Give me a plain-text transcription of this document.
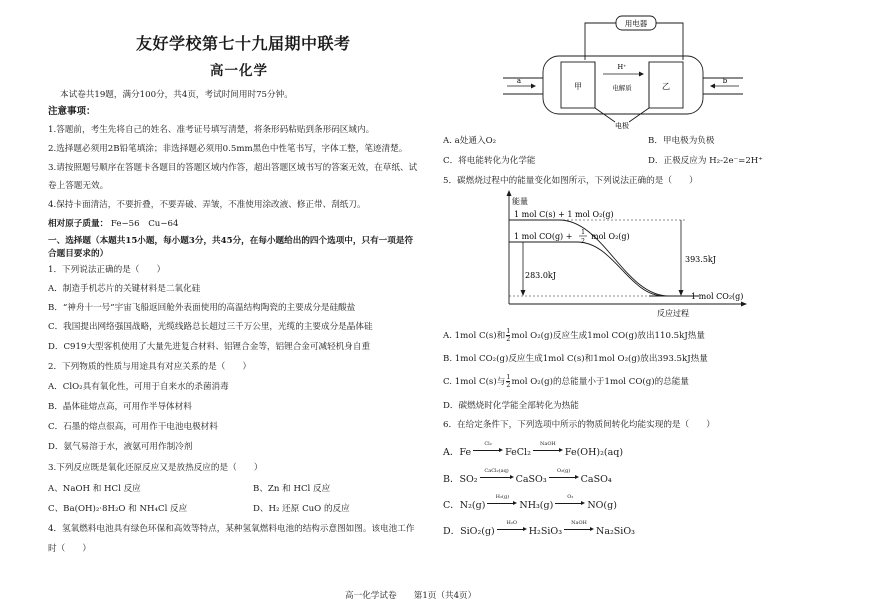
友好学校第七十九届期中联考
高一化学
本试卷共19题，满分100分，共4页，考试时间用时75分钟。
注意事项：
1.答题前，考生先将自己的姓名、准考证号填写清楚，将条形码粘贴到条形码区域内。
2.选择题必须用2B铅笔填涂；非选择题必须用0.5mm黑色中性笔书写，字体工整，笔迹清楚。
3.请按照题号顺序在答题卡各题目的答题区域内作答，超出答题区域书写的答案无效，在草纸、试
卷上答题无效。
4.保持卡面清洁，不要折叠，不要弄破、弄皱，不准使用涂改液、修正带、刮纸刀。
相对原子质量： Fe−56　Cu−64
一、选择题（本题共15小题，每小题3分，共45分，在每小题给出的四个选项中，只有一项是符
合题目要求的）
1．下列说法正确的是（　　）
A．制造手机芯片的关键材料是二氧化硅
B．“神舟十一号”宇宙飞船返回舱外表面使用的高温结构陶瓷的主要成分是硅酸盐
C．我国提出网络强国战略，光缆线路总长超过三千万公里，光缆的主要成分是晶体硅
D．C919大型客机使用了大量先进复合材料、铝锂合金等，铝锂合金可减轻机身自重
2．下列物质的性质与用途具有对应关系的是（　　）
A．ClO₂具有氧化性，可用于自来水的杀菌消毒
B．晶体硅熔点高，可用作半导体材料
C．石墨的熔点很高，可用作干电池电极材料
D．氨气易溶于水，液氨可用作制冷剂
3.下列反应既是氧化还原反应又是放热反应的是（　　）
A、NaOH 和 HCl 反应	B、Zn 和 HCl 反应
C、Ba(OH)₂·8H₂O 和 NH₄Cl 反应	D、H₂ 还原 CuO 的反应
4．氢氧燃料电池具有绿色环保和高效等特点，某种氢氧燃料电池的结构示意图如图。该电池工作
时（　　）
用电器
H⁺
甲	乙
电解质
a	b
电极
A. a处通入O₂	B．甲电极为负极
C．将电能转化为化学能	D．正极反应为 H₂-2e⁻=2H⁺
5．碳燃烧过程中的能量变化如图所示，下列说法正确的是（　　）
能量
1 mol C(s) + 1 mol O₂(g)
1 mol CO(g) + 1
2
mol O₂(g)
393.5kJ
283.0kJ
1 mol CO₂(g)
反应过程
A. 1mol C(s)和 $\frac{1}{2}$ mol O₂(g)反应生成1mol CO(g)放出110.5kJ热量
B. 1mol CO₂(g)反应生成1mol C(s)和1mol O₂(g)放出393.5kJ热量
C. 1mol C(s)与 $\frac{1}{2}$ mol O₂(g)的总能量小于1mol CO(g)的总能量
D．碳燃烧时化学能全部转化为热能
6．在给定条件下，下列选项中所示的物质间转化均能实现的是（　　）
A．Fe
Cl₂
FeCl₂
NaOH
Fe(OH)₂(aq)
B．SO₂
CaCl₂(aq)
CaSO₃
O₂(g)
CaSO₄
C．N₂(g)
H₂(g)
NH₃(g)
O₂
NO(g)
D．SiO₂(g)
H₂O
H₂SiO₃
NaOH
Na₂SiO₃
高一化学试卷　　第1页（共4页）
